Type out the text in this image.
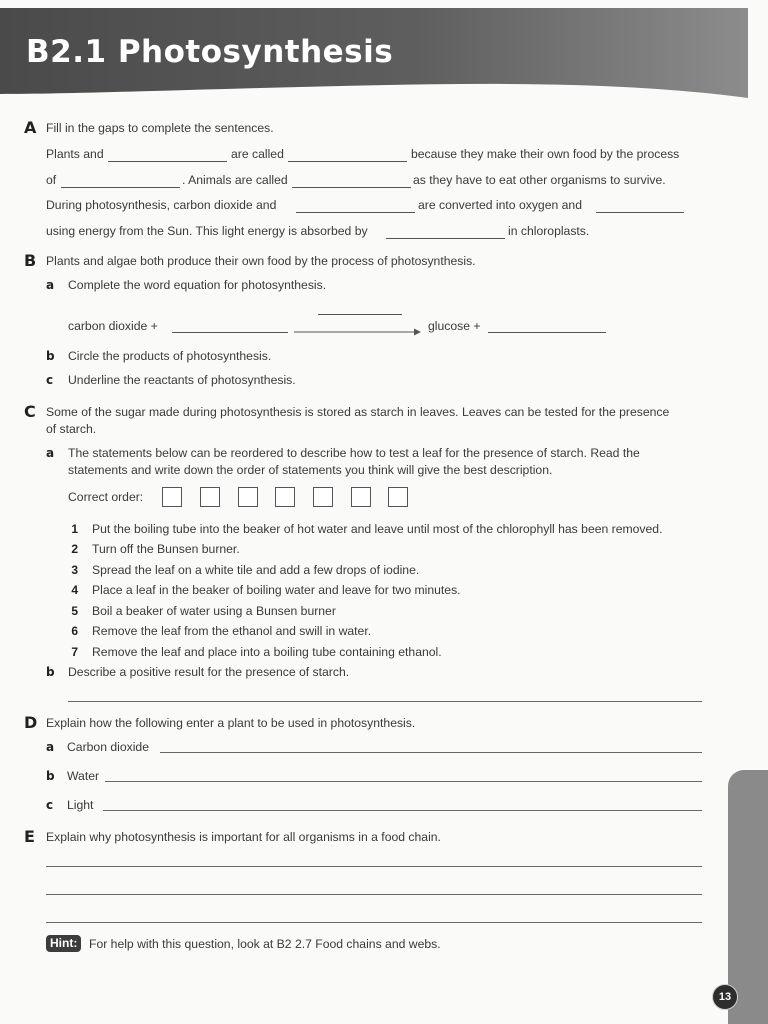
B2.1 Photosynthesis
A Fill in the gaps to complete the sentences.
Plants and	are called	because they make their own food by the process
of	. Animals are called	as they have to eat other organisms to survive.
During photosynthesis, carbon dioxide and	are converted into oxygen and
using energy from the Sun. This light energy is absorbed by	in chloroplasts.
B Plants and algae both produce their own food by the process of photosynthesis.
a Complete the word equation for photosynthesis.
carbon dioxide +	glucose +
b Circle the products of photosynthesis.
c Underline the reactants of photosynthesis.
C Some of the sugar made during photosynthesis is stored as starch in leaves. Leaves can be tested for the presence
of starch.
a The statements below can be reordered to describe how to test a leaf for the presence of starch. Read the
statements and write down the order of statements you think will give the best description.
Correct order:
1 Put the boiling tube into the beaker of hot water and leave until most of the chlorophyll has been removed.
2 Turn off the Bunsen burner.
3 Spread the leaf on a white tile and add a few drops of iodine.
4 Place a leaf in the beaker of boiling water and leave for two minutes.
5 Boil a beaker of water using a Bunsen burner
6 Remove the leaf from the ethanol and swill in water.
7 Remove the leaf and place into a boiling tube containing ethanol.
b Describe a positive result for the presence of starch.
D Explain how the following enter a plant to be used in photosynthesis.
a Carbon dioxide
b Water
c Light
E Explain why photosynthesis is important for all organisms in a food chain.
Hint: For help with this question, look at B2 2.7 Food chains and webs.
13
